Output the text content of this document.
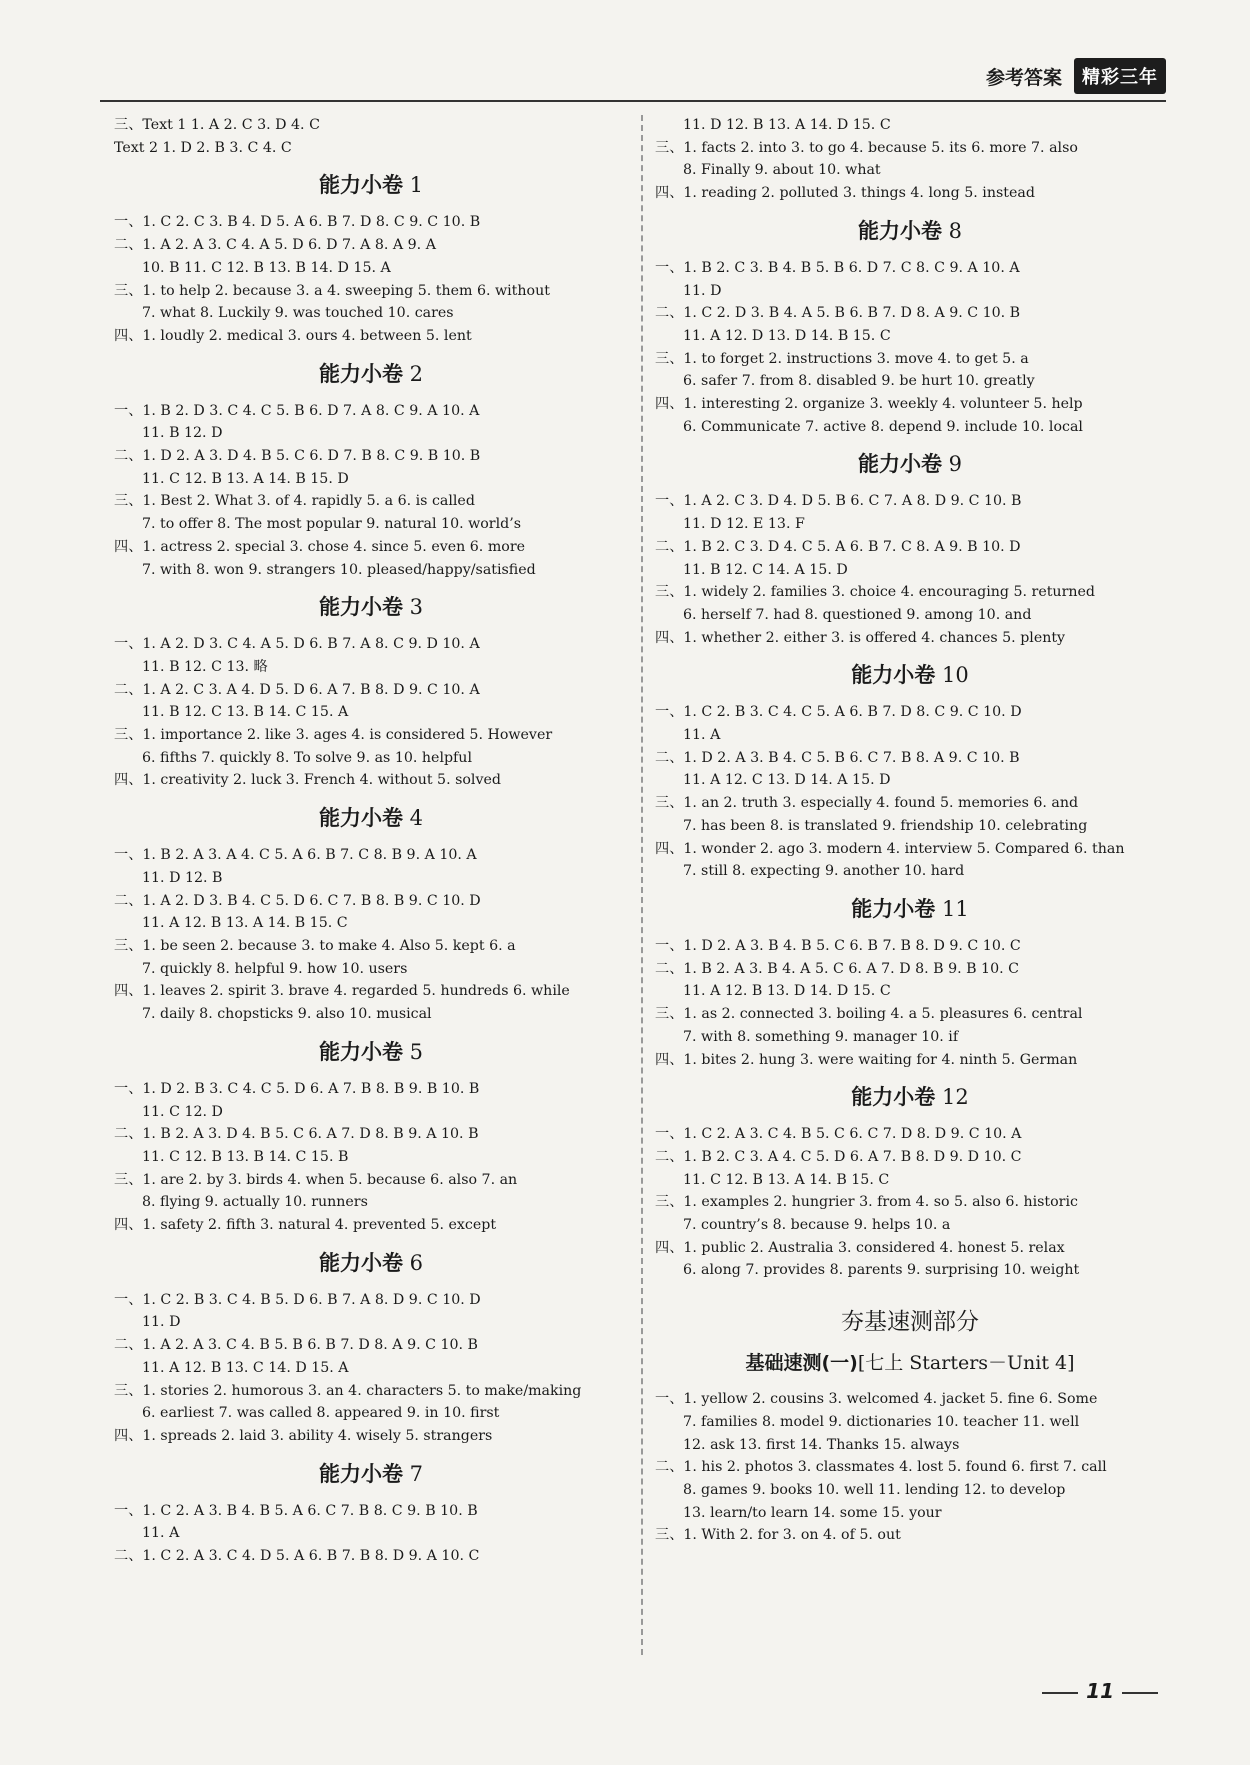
参考答案	精彩三年
三、Text 1 1. A 2. C 3. D 4. C
Text 2 1. D 2. B 3. C 4. C
能力小卷 1
一、1. C 2. C 3. B 4. D 5. A 6. B 7. D 8. C 9. C 10. B
二、1. A 2. A 3. C 4. A 5. D 6. D 7. A 8. A 9. A
10. B 11. C 12. B 13. B 14. D 15. A
三、1. to help 2. because 3. a 4. sweeping 5. them 6. without
7. what 8. Luckily 9. was touched 10. cares
四、1. loudly 2. medical 3. ours 4. between 5. lent
能力小卷 2
一、1. B 2. D 3. C 4. C 5. B 6. D 7. A 8. C 9. A 10. A
11. B 12. D
二、1. D 2. A 3. D 4. B 5. C 6. D 7. B 8. C 9. B 10. B
11. C 12. B 13. A 14. B 15. D
三、1. Best 2. What 3. of 4. rapidly 5. a 6. is called
7. to offer 8. The most popular 9. natural 10. world’s
四、1. actress 2. special 3. chose 4. since 5. even 6. more
7. with 8. won 9. strangers 10. pleased/happy/satisfied
能力小卷 3
一、1. A 2. D 3. C 4. A 5. D 6. B 7. A 8. C 9. D 10. A
11. B 12. C 13. 略
二、1. A 2. C 3. A 4. D 5. D 6. A 7. B 8. D 9. C 10. A
11. B 12. C 13. B 14. C 15. A
三、1. importance 2. like 3. ages 4. is considered 5. However
6. fifths 7. quickly 8. To solve 9. as 10. helpful
四、1. creativity 2. luck 3. French 4. without 5. solved
能力小卷 4
一、1. B 2. A 3. A 4. C 5. A 6. B 7. C 8. B 9. A 10. A
11. D 12. B
二、1. A 2. D 3. B 4. C 5. D 6. C 7. B 8. B 9. C 10. D
11. A 12. B 13. A 14. B 15. C
三、1. be seen 2. because 3. to make 4. Also 5. kept 6. a
7. quickly 8. helpful 9. how 10. users
四、1. leaves 2. spirit 3. brave 4. regarded 5. hundreds 6. while
7. daily 8. chopsticks 9. also 10. musical
能力小卷 5
一、1. D 2. B 3. C 4. C 5. D 6. A 7. B 8. B 9. B 10. B
11. C 12. D
二、1. B 2. A 3. D 4. B 5. C 6. A 7. D 8. B 9. A 10. B
11. C 12. B 13. B 14. C 15. B
三、1. are 2. by 3. birds 4. when 5. because 6. also 7. an
8. flying 9. actually 10. runners
四、1. safety 2. fifth 3. natural 4. prevented 5. except
能力小卷 6
一、1. C 2. B 3. C 4. B 5. D 6. B 7. A 8. D 9. C 10. D
11. D
二、1. A 2. A 3. C 4. B 5. B 6. B 7. D 8. A 9. C 10. B
11. A 12. B 13. C 14. D 15. A
三、1. stories 2. humorous 3. an 4. characters 5. to make/making
6. earliest 7. was called 8. appeared 9. in 10. first
四、1. spreads 2. laid 3. ability 4. wisely 5. strangers
能力小卷 7
一、1. C 2. A 3. B 4. B 5. A 6. C 7. B 8. C 9. B 10. B
11. A
二、1. C 2. A 3. C 4. D 5. A 6. B 7. B 8. D 9. A 10. C
11. D 12. B 13. A 14. D 15. C
三、1. facts 2. into 3. to go 4. because 5. its 6. more 7. also
8. Finally 9. about 10. what
四、1. reading 2. polluted 3. things 4. long 5. instead
能力小卷 8
一、1. B 2. C 3. B 4. B 5. B 6. D 7. C 8. C 9. A 10. A
11. D
二、1. C 2. D 3. B 4. A 5. B 6. B 7. D 8. A 9. C 10. B
11. A 12. D 13. D 14. B 15. C
三、1. to forget 2. instructions 3. move 4. to get 5. a
6. safer 7. from 8. disabled 9. be hurt 10. greatly
四、1. interesting 2. organize 3. weekly 4. volunteer 5. help
6. Communicate 7. active 8. depend 9. include 10. local
能力小卷 9
一、1. A 2. C 3. D 4. D 5. B 6. C 7. A 8. D 9. C 10. B
11. D 12. E 13. F
二、1. B 2. C 3. D 4. C 5. A 6. B 7. C 8. A 9. B 10. D
11. B 12. C 14. A 15. D
三、1. widely 2. families 3. choice 4. encouraging 5. returned
6. herself 7. had 8. questioned 9. among 10. and
四、1. whether 2. either 3. is offered 4. chances 5. plenty
能力小卷 10
一、1. C 2. B 3. C 4. C 5. A 6. B 7. D 8. C 9. C 10. D
11. A
二、1. D 2. A 3. B 4. C 5. B 6. C 7. B 8. A 9. C 10. B
11. A 12. C 13. D 14. A 15. D
三、1. an 2. truth 3. especially 4. found 5. memories 6. and
7. has been 8. is translated 9. friendship 10. celebrating
四、1. wonder 2. ago 3. modern 4. interview 5. Compared 6. than
7. still 8. expecting 9. another 10. hard
能力小卷 11
一、1. D 2. A 3. B 4. B 5. C 6. B 7. B 8. D 9. C 10. C
二、1. B 2. A 3. B 4. A 5. C 6. A 7. D 8. B 9. B 10. C
11. A 12. B 13. D 14. D 15. C
三、1. as 2. connected 3. boiling 4. a 5. pleasures 6. central
7. with 8. something 9. manager 10. if
四、1. bites 2. hung 3. were waiting for 4. ninth 5. German
能力小卷 12
一、1. C 2. A 3. C 4. B 5. C 6. C 7. D 8. D 9. C 10. A
二、1. B 2. C 3. A 4. C 5. D 6. A 7. B 8. D 9. D 10. C
11. C 12. B 13. A 14. B 15. C
三、1. examples 2. hungrier 3. from 4. so 5. also 6. historic
7. country’s 8. because 9. helps 10. a
四、1. public 2. Australia 3. considered 4. honest 5. relax
6. along 7. provides 8. parents 9. surprising 10. weight
夯基速测部分
基础速测(一)[七上 Starters－Unit 4]
一、1. yellow 2. cousins 3. welcomed 4. jacket 5. fine 6. Some
7. families 8. model 9. dictionaries 10. teacher 11. well
12. ask 13. first 14. Thanks 15. always
二、1. his 2. photos 3. classmates 4. lost 5. found 6. first 7. call
8. games 9. books 10. well 11. lending 12. to develop
13. learn/to learn 14. some 15. your
三、1. With 2. for 3. on 4. of 5. out
11
